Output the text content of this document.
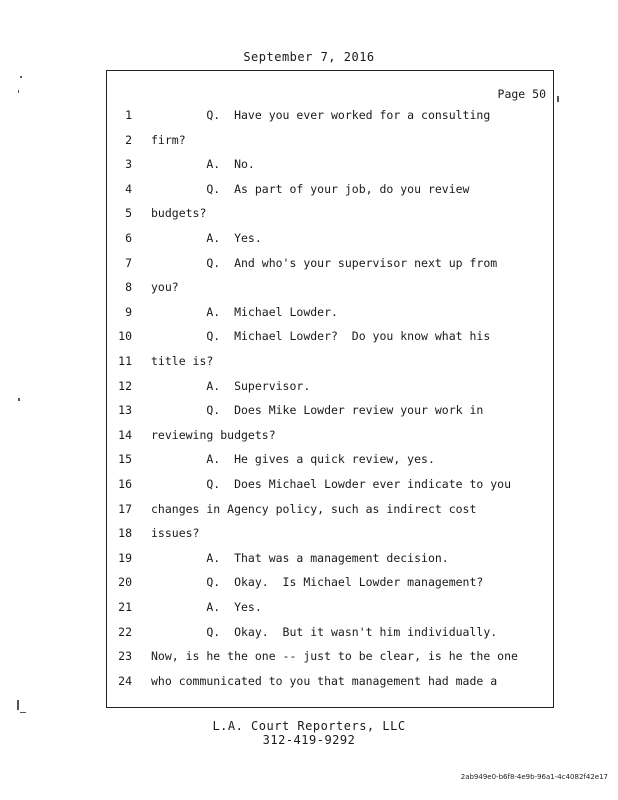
September 7, 2016
Page 50
1 Q.  Have you ever worked for a consulting
2 firm?
3 A.  No.
4 Q.  As part of your job, do you review
5 budgets?
6 A.  Yes.
7 Q.  And who's your supervisor next up from
8 you?
9 A.  Michael Lowder.
10 Q.  Michael Lowder?  Do you know what his
11 title is?
12 A.  Supervisor.
13 Q.  Does Mike Lowder review your work in
14 reviewing budgets?
15 A.  He gives a quick review, yes.
16 Q.  Does Michael Lowder ever indicate to you
17 changes in Agency policy, such as indirect cost
18 issues?
19 A.  That was a management decision.
20 Q.  Okay.  Is Michael Lowder management?
21 A.  Yes.
22 Q.  Okay.  But it wasn't him individually.
23 Now, is he the one -- just to be clear, is he the one
24 who communicated to you that management had made a
L.A. Court Reporters, LLC
312-419-9292
2ab949e0-b6f8-4e9b-96a1-4c4082f42e17
